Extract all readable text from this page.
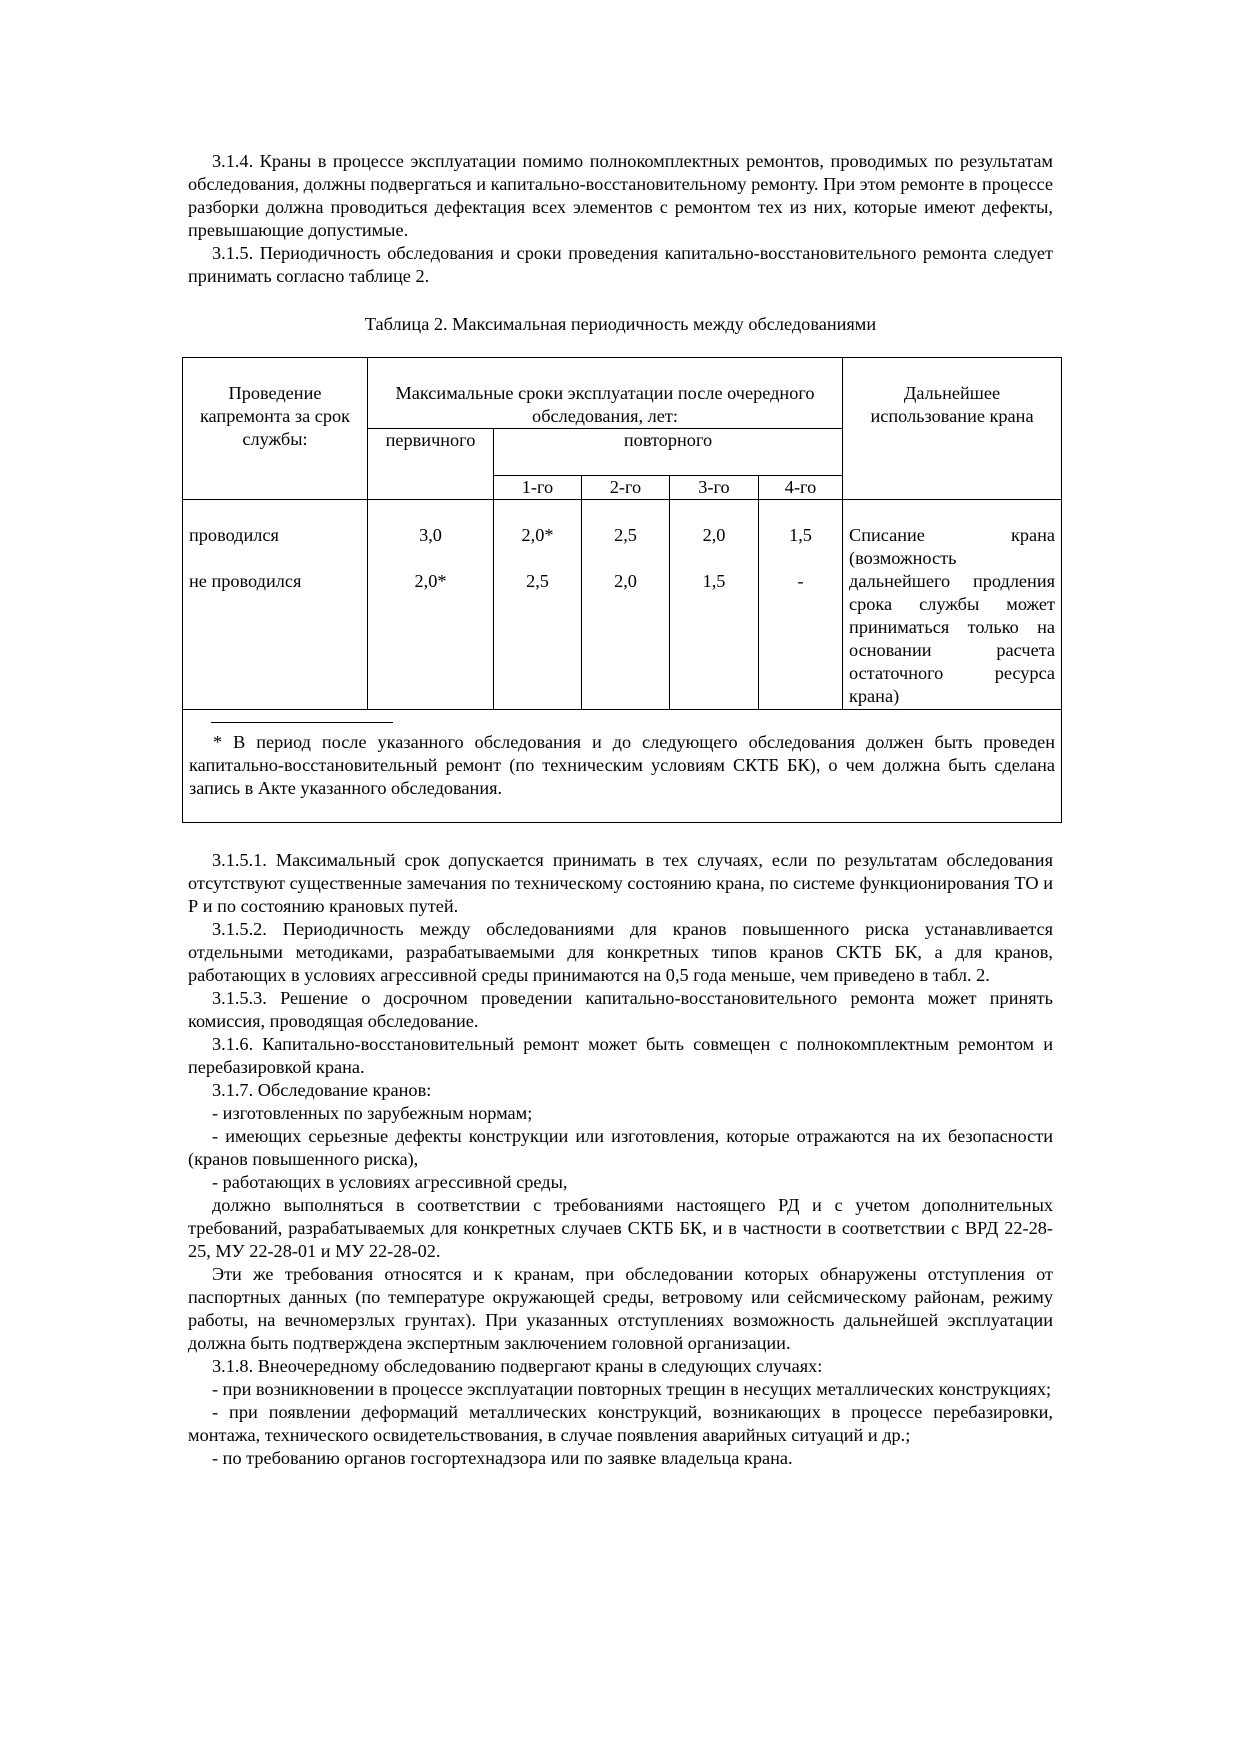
3.1.4. Краны в процессе эксплуатации помимо полнокомплектных ремонтов, проводимых по результатам обследования, должны подвергаться и капитально-восстановительному ремонту. При этом ремонте в процессе разборки должна проводиться дефектация всех элементов с ремонтом тех из них, которые имеют дефекты, превышающие допустимые.

3.1.5. Периодичность обследования и сроки проведения капитально-восстановительного ремонта следует принимать согласно таблице 2.

Таблица 2. Максимальная периодичность между обследованиями
Проведение капремонта за срок службы:	Максимальные сроки эксплуатации после очередного обследования, лет:					Дальнейшее использование крана
	первичного	повторного				
		1-го	2-го	3-го	4-го	
проводился	3,0	2,0*	2,5	2,0	1,5	Списание крана (возможность дальнейшего продления срока службы может приниматься только на основании расчета остаточного ресурса крана)
не проводился	2,0*	2,5	2,0	1,5	-	

* В период после указанного обследования и до следующего обследования должен быть проведен капитально-восстановительный ремонт (по техническим условиям СКТБ БК), о чем должна быть сделана запись в Акте указанного обследования.						

3.1.5.1. Максимальный срок допускается принимать в тех случаях, если по результатам обследования отсутствуют существенные замечания по техническому состоянию крана, по системе функционирования ТО и Р и по состоянию крановых путей.

3.1.5.2. Периодичность между обследованиями для кранов повышенного риска устанавливается отдельными методиками, разрабатываемыми для конкретных типов кранов СКТБ БК, а для кранов, работающих в условиях агрессивной среды принимаются на 0,5 года меньше, чем приведено в табл. 2.

3.1.5.3. Решение о досрочном проведении капитально-восстановительного ремонта может принять комиссия, проводящая обследование.

3.1.6. Капитально-восстановительный ремонт может быть совмещен с полнокомплектным ремонтом и перебазировкой крана.

3.1.7. Обследование кранов:

- изготовленных по зарубежным нормам;

- имеющих серьезные дефекты конструкции или изготовления, которые отражаются на их безопасности (кранов повышенного риска),

- работающих в условиях агрессивной среды,

должно выполняться в соответствии с требованиями настоящего РД и с учетом дополнительных требований, разрабатываемых для конкретных случаев СКТБ БК, и в частности в соответствии с ВРД 22-28-25, МУ 22-28-01 и МУ 22-28-02.

Эти же требования относятся и к кранам, при обследовании которых обнаружены отступления от паспортных данных (по температуре окружающей среды, ветровому или сейсмическому районам, режиму работы, на вечномерзлых грунтах). При указанных отступлениях возможность дальнейшей эксплуатации должна быть подтверждена экспертным заключением головной организации.

3.1.8. Внеочередному обследованию подвергают краны в следующих случаях:

- при возникновении в процессе эксплуатации повторных трещин в несущих металлических конструкциях;

- при появлении деформаций металлических конструкций, возникающих в процессе перебазировки, монтажа, технического освидетельствования, в случае появления аварийных ситуаций и др.;

- по требованию органов госгортехнадзора или по заявке владельца крана.
